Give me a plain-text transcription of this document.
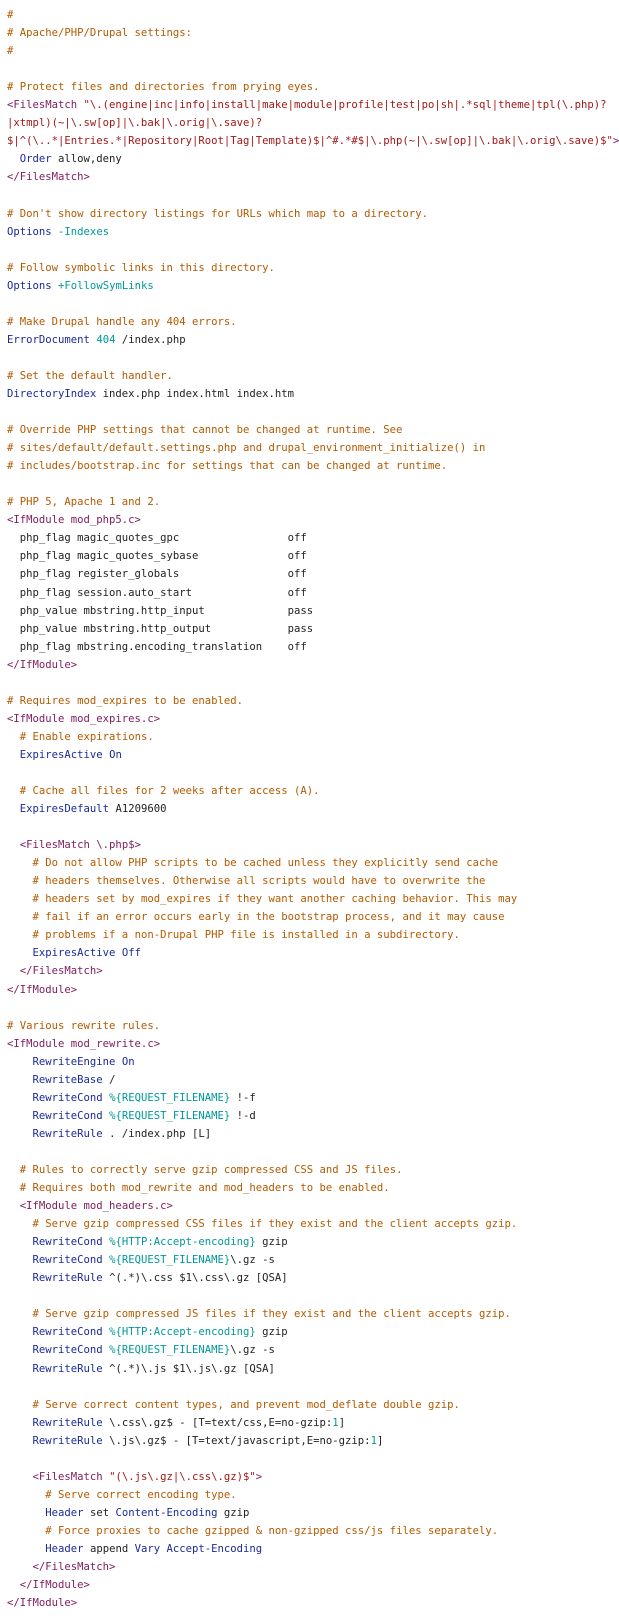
#
# Apache/PHP/Drupal settings:
#

# Protect files and directories from prying eyes.
<FilesMatch "\.(engine|inc|info|install|make|module|profile|test|po|sh|.*sql|theme|tpl(\.php)?
|xtmpl)(~|\.sw[op]|\.bak|\.orig|\.save)?
$|^(\..*|Entries.*|Repository|Root|Tag|Template)$|^#.*#$|\.php(~|\.sw[op]|\.bak|\.orig\.save)$">
Order allow,deny
</FilesMatch>

# Don't show directory listings for URLs which map to a directory.
Options -Indexes

# Follow symbolic links in this directory.
Options +FollowSymLinks

# Make Drupal handle any 404 errors.
ErrorDocument 404 /index.php

# Set the default handler.
DirectoryIndex index.php index.html index.htm

# Override PHP settings that cannot be changed at runtime. See
# sites/default/default.settings.php and drupal_environment_initialize() in
# includes/bootstrap.inc for settings that can be changed at runtime.

# PHP 5, Apache 1 and 2.
<IfModule mod_php5.c>
php_flag magic_quotes_gpc                 off
php_flag magic_quotes_sybase              off
php_flag register_globals                 off
php_flag session.auto_start               off
php_value mbstring.http_input             pass
php_value mbstring.http_output            pass
php_flag mbstring.encoding_translation    off
</IfModule>

# Requires mod_expires to be enabled.
<IfModule mod_expires.c>
# Enable expirations.
ExpiresActive On

# Cache all files for 2 weeks after access (A).
ExpiresDefault A1209600

<FilesMatch \.php$>
# Do not allow PHP scripts to be cached unless they explicitly send cache
# headers themselves. Otherwise all scripts would have to overwrite the
# headers set by mod_expires if they want another caching behavior. This may
# fail if an error occurs early in the bootstrap process, and it may cause
# problems if a non-Drupal PHP file is installed in a subdirectory.
ExpiresActive Off
</FilesMatch>
</IfModule>

# Various rewrite rules.
<IfModule mod_rewrite.c>
RewriteEngine On
RewriteBase /
RewriteCond %{REQUEST_FILENAME} !-f
RewriteCond %{REQUEST_FILENAME} !-d
RewriteRule . /index.php [L]

# Rules to correctly serve gzip compressed CSS and JS files.
# Requires both mod_rewrite and mod_headers to be enabled.
<IfModule mod_headers.c>
# Serve gzip compressed CSS files if they exist and the client accepts gzip.
RewriteCond %{HTTP:Accept-encoding} gzip
RewriteCond %{REQUEST_FILENAME}\.gz -s
RewriteRule ^(.*)\.css $1\.css\.gz [QSA]

# Serve gzip compressed JS files if they exist and the client accepts gzip.
RewriteCond %{HTTP:Accept-encoding} gzip
RewriteCond %{REQUEST_FILENAME}\.gz -s
RewriteRule ^(.*)\.js $1\.js\.gz [QSA]

# Serve correct content types, and prevent mod_deflate double gzip.
RewriteRule \.css\.gz$ - [T=text/css,E=no-gzip:1]
RewriteRule \.js\.gz$ - [T=text/javascript,E=no-gzip:1]

<FilesMatch "(\.js\.gz|\.css\.gz)$">
# Serve correct encoding type.
Header set Content-Encoding gzip
# Force proxies to cache gzipped & non-gzipped css/js files separately.
Header append Vary Accept-Encoding
</FilesMatch>
</IfModule>
</IfModule>
